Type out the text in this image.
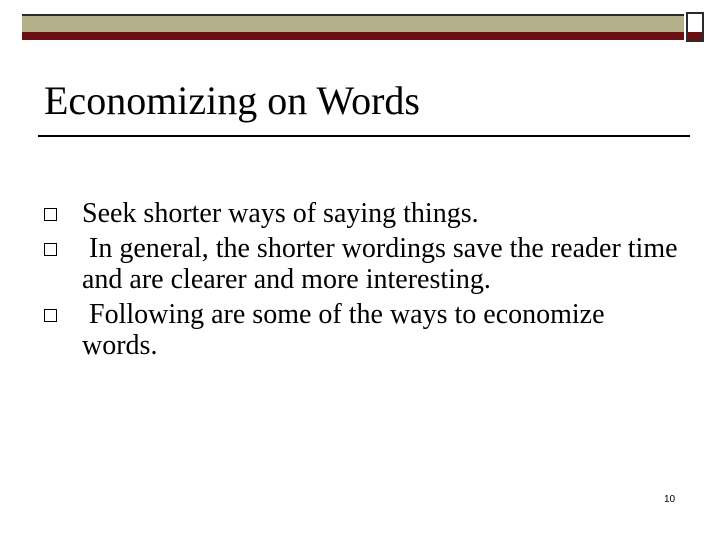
Economizing on Words
Seek shorter ways of saying things.
In general, the shorter wordings save the reader time and are clearer and more interesting.
Following are some of the ways to economize words.
10
